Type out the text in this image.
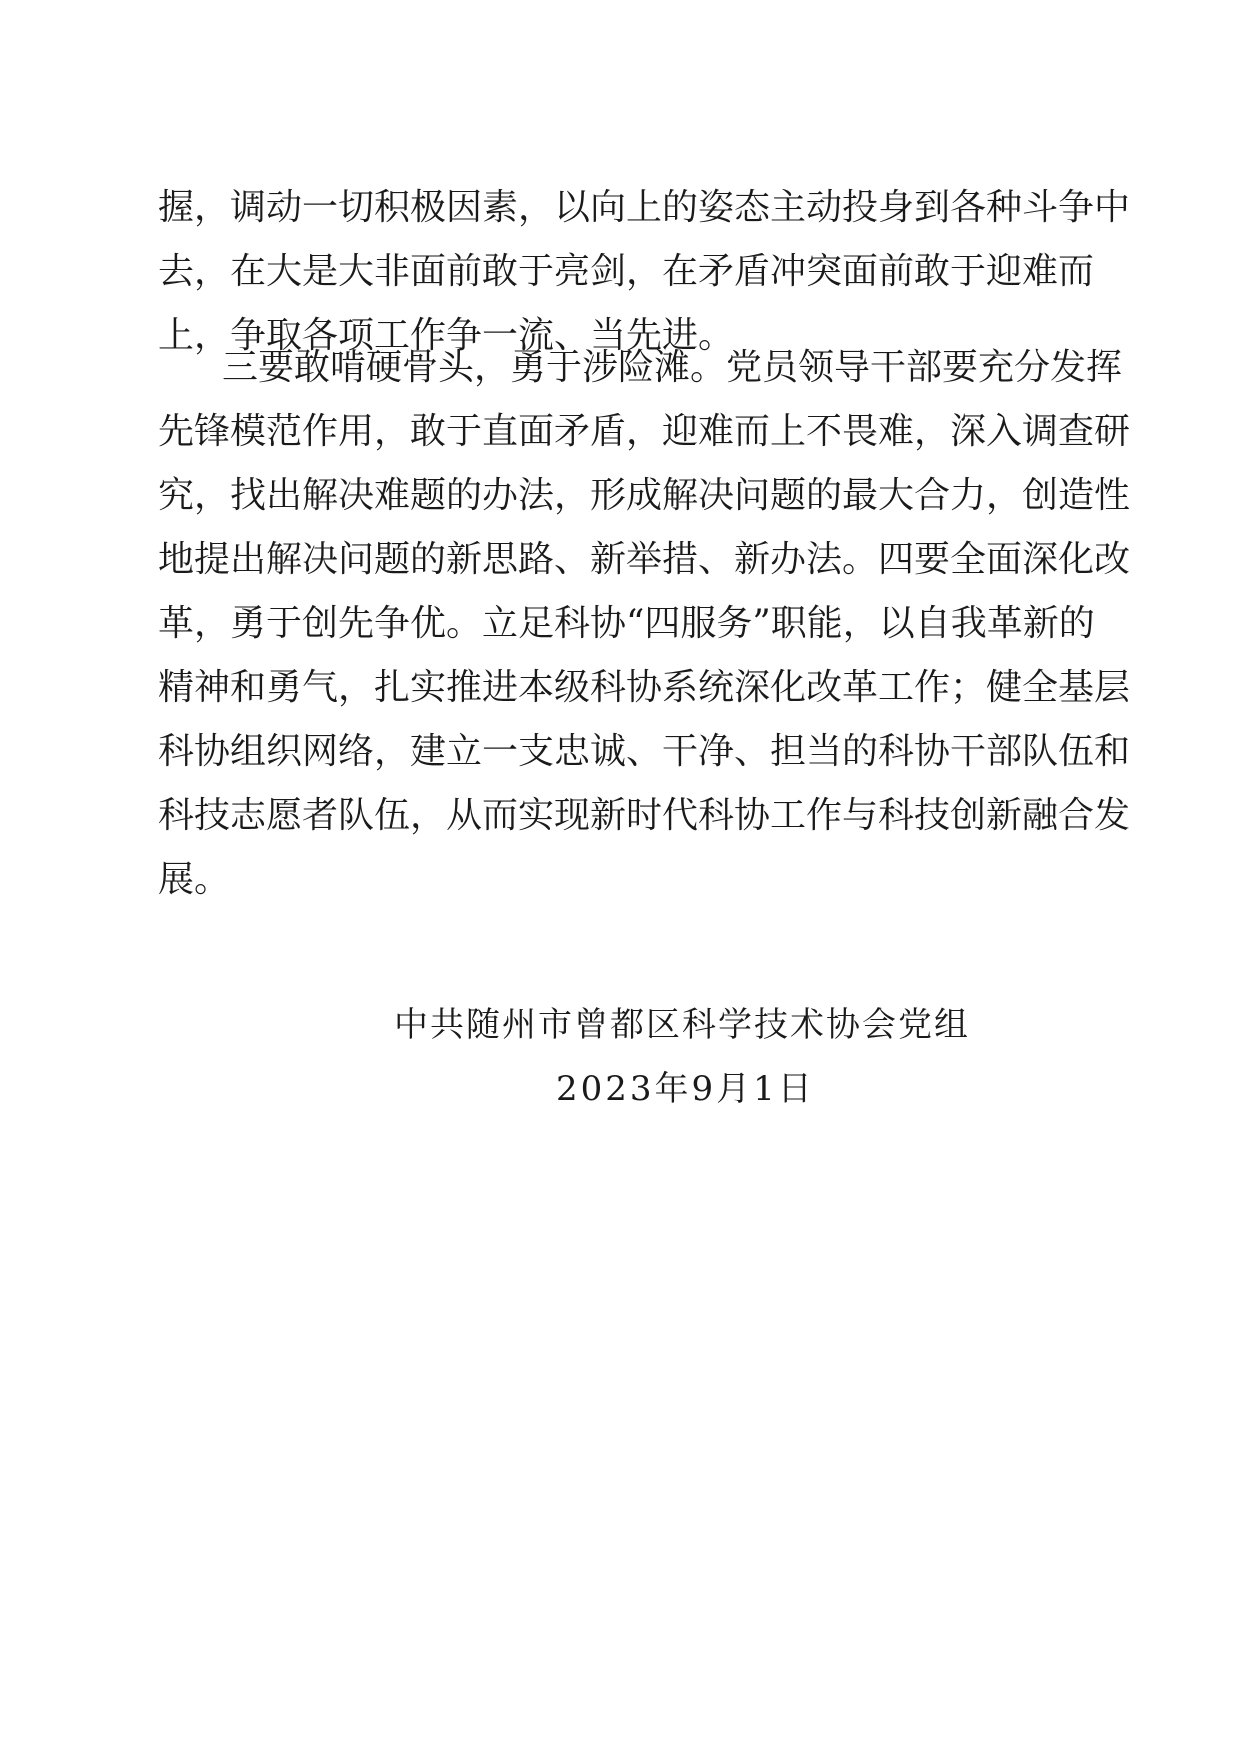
握，调动一切积极因素，以向上的姿态主动投身到各种斗争中
去，在大是大非面前敢于亮剑，在矛盾冲突面前敢于迎难而
上，争取各项工作争一流、当先进。
三要敢啃硬骨头，勇于涉险滩。党员领导干部要充分发挥
先锋模范作用，敢于直面矛盾，迎难而上不畏难，深入调查研
究，找出解决难题的办法，形成解决问题的最大合力，创造性
地提出解决问题的新思路、新举措、新办法。四要全面深化改
革，勇于创先争优。立足科协“四服务”职能，以自我革新的
精神和勇气，扎实推进本级科协系统深化改革工作；健全基层
科协组织网络，建立一支忠诚、干净、担当的科协干部队伍和
科技志愿者队伍，从而实现新时代科协工作与科技创新融合发
展。
中共随州市曾都区科学技术协会党组
2023年9月1日
